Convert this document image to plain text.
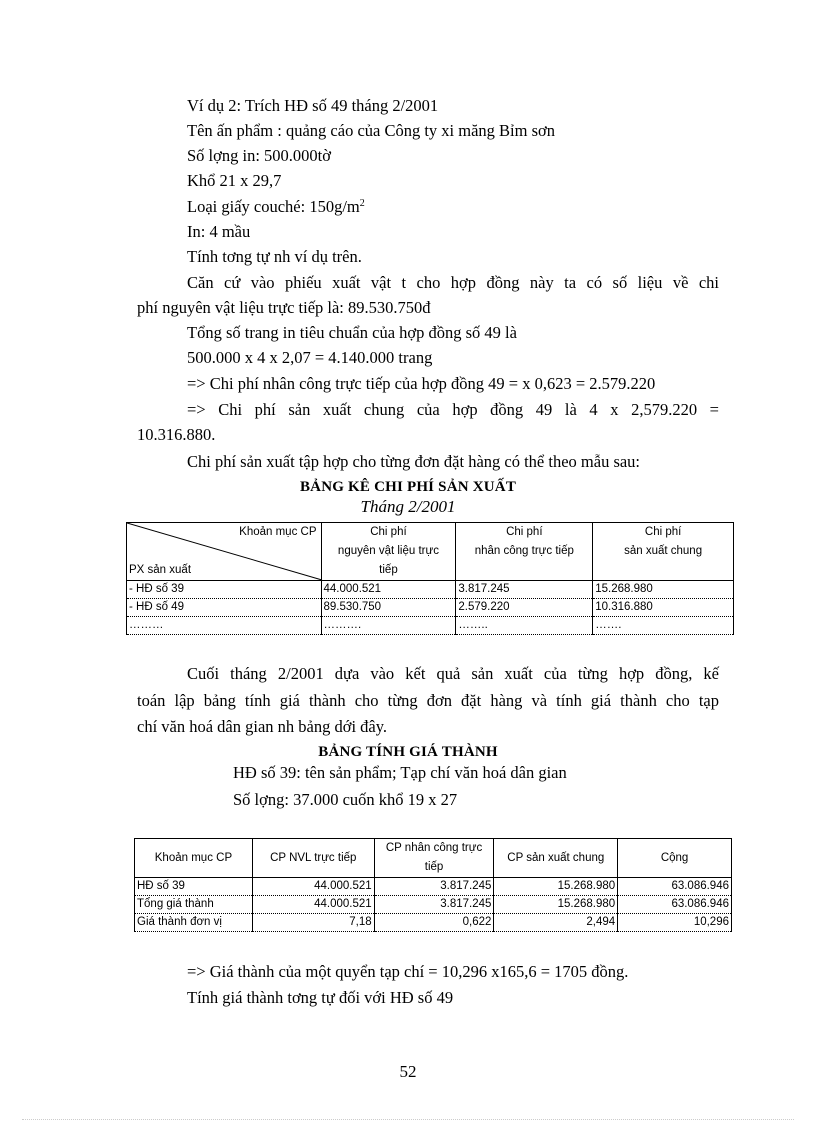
Ví dụ 2: Trích HĐ số 49 tháng 2/2001
Tên ấn phẩm : quảng cáo của Công ty xi măng Bỉm sơn
Số lợng in: 500.000tờ
Khổ 21 x 29,7
Loại giấy couché: $150g/m^2$
In: 4 mầu
Tính tơng tự nh ví dụ trên.
Căn cứ vào phiếu xuất vật t cho hợp đồng này ta có số liệu về chi
phí nguyên vật liệu trực tiếp là: 89.530.750đ
Tổng số trang in tiêu chuẩn của hợp đồng số 49 là
500.000 x 4 x 2,07 = 4.140.000 trang
=> Chi phí nhân công trực tiếp của hợp đồng 49 = x 0,623 = 2.579.220
=> Chi phí sản xuất chung của hợp đồng 49 là 4 x 2,579.220 =
10.316.880.
Chi phí sản xuất tập hợp cho từng đơn đặt hàng có thể theo mẫu sau:
BẢNG KÊ CHI PHÍ SẢN XUẤT
Tháng 2/2001
Khoản mục CP	Chi phí	Chi phí	Chi phí
	nguyên vật liệu trực	nhân công trực tiếp	sản xuất chung
PX sản xuất	tiếp		
- HĐ số 39	44.000.521	3.817.245	15.268.980
- HĐ số 49	89.530.750	2.579.220	10.316.880
………	……….	……..	…….
Cuối tháng 2/2001 dựa vào kết quả sản xuất của từng hợp đồng, kế
toán lập bảng tính giá thành cho từng đơn đặt hàng và tính giá thành cho tạp
chí văn hoá dân gian nh bảng dới đây.
BẢNG TÍNH GIÁ THÀNH
HĐ số 39: tên sản phẩm; Tạp chí văn hoá dân gian
Số lợng: 37.000 cuốn khổ 19 x 27
Khoản mục CP	CP NVL trực tiếp	CP nhân công trực tiếp	CP sản xuất chung	Cộng
HĐ số 39	44.000.521	3.817.245	15.268.980	63.086.946
Tổng giá thành	44.000.521	3.817.245	15.268.980	63.086.946
Giá thành đơn vị	7,18	0,622	2,494	10,296
=> Giá thành của một quyển tạp chí = 10,296 x165,6 = 1705 đồng.
Tính giá thành tơng tự đối với HĐ số 49
52
